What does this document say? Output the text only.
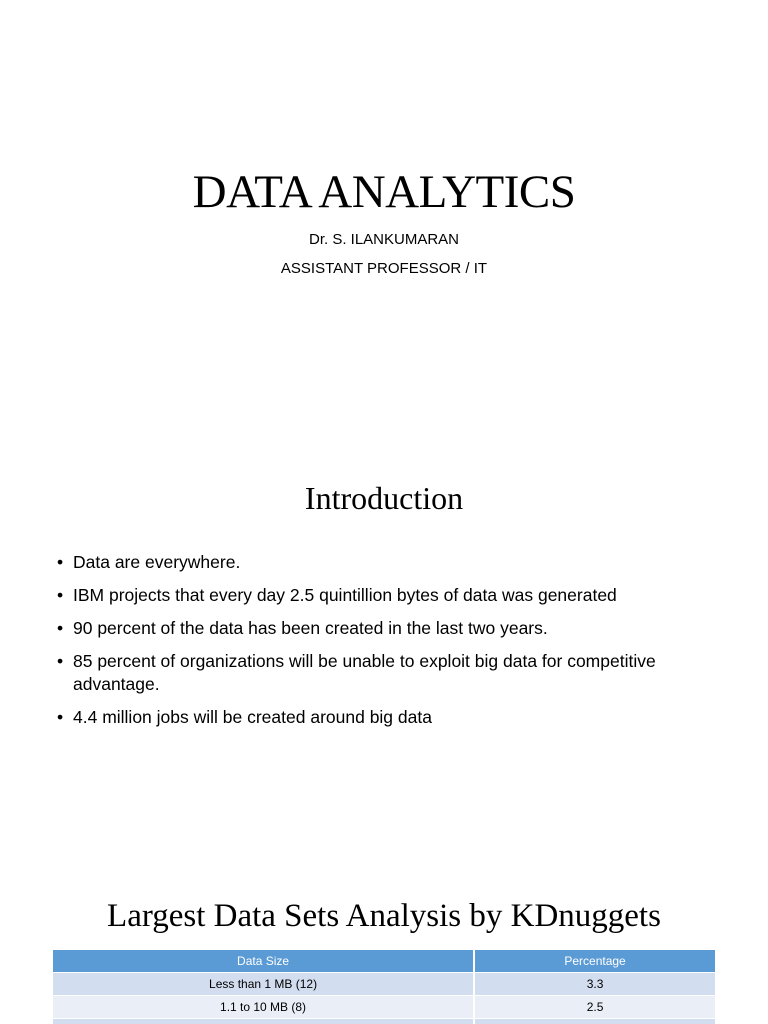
DATA ANALYTICS
Dr. S. ILANKUMARAN
ASSISTANT PROFESSOR / IT
Introduction
• Data are everywhere.
• IBM projects that every day 2.5 quintillion bytes of data was generated
• 90 percent of the data has been created in the last two years.
• 85 percent of organizations will be unable to exploit big data for competitive advantage.
• 4.4 million jobs will be created around big data
Largest Data Sets Analysis by KDnuggets
Data Size	Percentage
Less than 1 MB (12)	3.3
1.1 to 10 MB (8)	2.5
